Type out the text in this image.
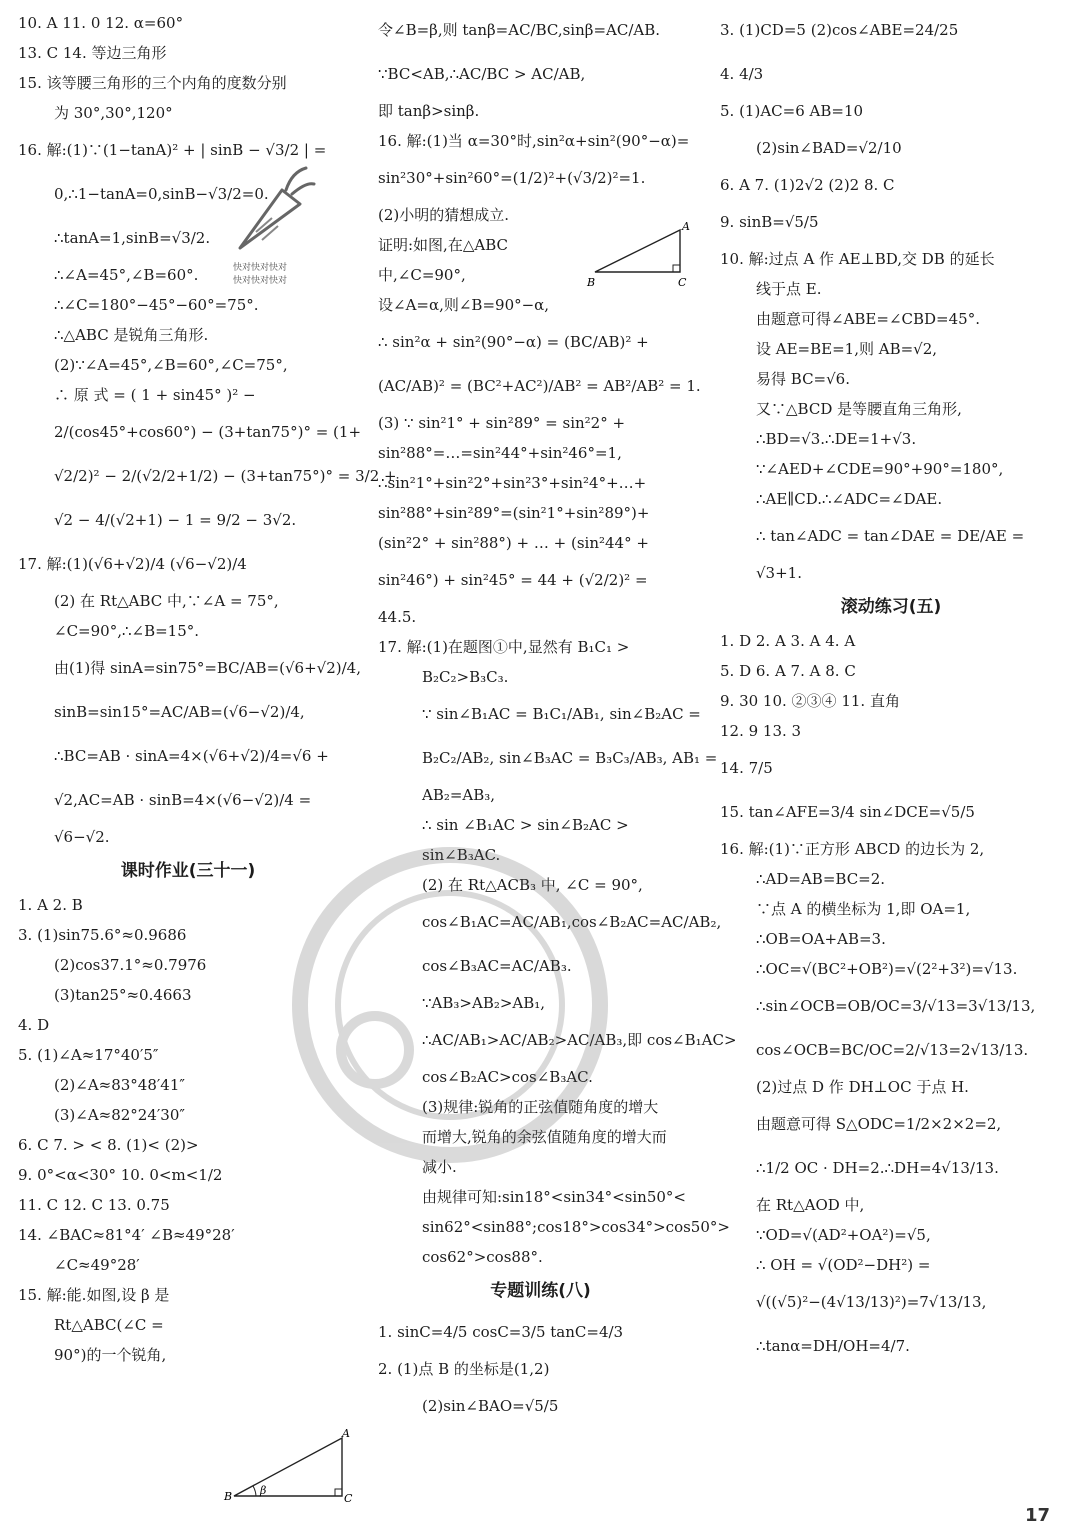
10. A 11. 0 12. α=60°
13. C 14. 等边三角形
15. 该等腰三角形的三个内角的度数分别
为 30°,30°,120°
16. 解:(1)∵(1−tanA)² + | sinB − √3/2 | =
0,∴1−tanA=0,sinB−√3/2=0.
∴tanA=1,sinB=√3/2.
∴∠A=45°,∠B=60°.
∴∠C=180°−45°−60°=75°.
∴△ABC 是锐角三角形.
(2)∵∠A=45°,∠B=60°,∠C=75°,
∴ 原 式 = ( 1 + sin45° )² −
2/(cos45°+cos60°) − (3+tan75°)° = (1+
√2/2)² − 2/(√2/2+1/2) − (3+tan75°)° = 3/2 +
√2 − 4/(√2+1) − 1 = 9/2 − 3√2.
17. 解:(1)(√6+√2)/4 (√6−√2)/4
(2) 在 Rt△ABC 中,∵∠A = 75°,
∠C=90°,∴∠B=15°.
由(1)得 sinA=sin75°=BC/AB=(√6+√2)/4,
sinB=sin15°=AC/AB=(√6−√2)/4,
∴BC=AB · sinA=4×(√6+√2)/4=√6 +
√2,AC=AB · sinB=4×(√6−√2)/4 =
√6−√2.
课时作业(三十一)
1. A 2. B
3. (1)sin75.6°≈0.9686
(2)cos37.1°≈0.7976
(3)tan25°≈0.4663
4. D
5. (1)∠A≈17°40′5″
(2)∠A≈83°48′41″
(3)∠A≈82°24′30″
6. C 7. > < 8. (1)< (2)>
9. 0°<α<30° 10. 0<m<1/2
11. C 12. C 13. 0.75
14. ∠BAC≈81°4′ ∠B≈49°28′
∠C≈49°28′
15. 解:能.如图,设 β 是
Rt△ABC(∠C =
90°)的一个锐角,
令∠B=β,则 tanβ=AC/BC,sinβ=AC/AB.
∵BC<AB,∴AC/BC > AC/AB,
即 tanβ>sinβ.
16. 解:(1)当 α=30°时,sin²α+sin²(90°−α)=
sin²30°+sin²60°=(1/2)²+(√3/2)²=1.
(2)小明的猜想成立.
证明:如图,在△ABC
中,∠C=90°,
设∠A=α,则∠B=90°−α,
∴ sin²α + sin²(90°−α) = (BC/AB)² +
(AC/AB)² = (BC²+AC²)/AB² = AB²/AB² = 1.
(3) ∵ sin²1° + sin²89° = sin²2° +
sin²88°=…=sin²44°+sin²46°=1,
∴sin²1°+sin²2°+sin²3°+sin²4°+…+
sin²88°+sin²89°=(sin²1°+sin²89°)+
(sin²2° + sin²88°) + … + (sin²44° +
sin²46°) + sin²45° = 44 + (√2/2)² =
44.5.
17. 解:(1)在题图①中,显然有 B₁C₁ >
B₂C₂>B₃C₃.
∵ sin∠B₁AC = B₁C₁/AB₁, sin∠B₂AC =
B₂C₂/AB₂, sin∠B₃AC = B₃C₃/AB₃, AB₁ =
AB₂=AB₃,
∴ sin ∠B₁AC > sin∠B₂AC >
sin∠B₃AC.
(2) 在 Rt△ACB₃ 中, ∠C = 90°,
cos∠B₁AC=AC/AB₁,cos∠B₂AC=AC/AB₂,
cos∠B₃AC=AC/AB₃.
∵AB₃>AB₂>AB₁,
∴AC/AB₁>AC/AB₂>AC/AB₃,即 cos∠B₁AC>
cos∠B₂AC>cos∠B₃AC.
(3)规律:锐角的正弦值随角度的增大
而增大,锐角的余弦值随角度的增大而
减小.
由规律可知:sin18°<sin34°<sin50°<
sin62°<sin88°;cos18°>cos34°>cos50°>
cos62°>cos88°.
专题训练(八)
1. sinC=4/5 cosC=3/5 tanC=4/3
2. (1)点 B 的坐标是(1,2)
(2)sin∠BAO=√5/5
3. (1)CD=5 (2)cos∠ABE=24/25
4. 4/3
5. (1)AC=6 AB=10
(2)sin∠BAD=√2/10
6. A 7. (1)2√2 (2)2 8. C
9. sinB=√5/5
10. 解:过点 A 作 AE⊥BD,交 DB 的延长
线于点 E.
由题意可得∠ABE=∠CBD=45°.
设 AE=BE=1,则 AB=√2,
易得 BC=√6.
又∵△BCD 是等腰直角三角形,
∴BD=√3.∴DE=1+√3.
∵∠AED+∠CDE=90°+90°=180°,
∴AE∥CD.∴∠ADC=∠DAE.
∴ tan∠ADC = tan∠DAE = DE/AE =
√3+1.
滚动练习(五)
1. D 2. A 3. A 4. A
5. D 6. A 7. A 8. C
9. 30 10. ②③④ 11. 直角
12. 9 13. 3
14. 7/5
15. tan∠AFE=3/4 sin∠DCE=√5/5
16. 解:(1)∵正方形 ABCD 的边长为 2,
∴AD=AB=BC=2.
∵点 A 的横坐标为 1,即 OA=1,
∴OB=OA+AB=3.
∴OC=√(BC²+OB²)=√(2²+3²)=√13.
∴sin∠OCB=OB/OC=3/√13=3√13/13,
cos∠OCB=BC/OC=2/√13=2√13/13.
(2)过点 D 作 DH⊥OC 于点 H.
由题意可得 S△ODC=1/2×2×2=2,
∴1/2 OC · DH=2.∴DH=4√13/13.
在 Rt△AOD 中,
∵OD=√(AD²+OA²)=√5,
∴ OH = √(OD²−DH²) =
√((√5)²−(4√13/13)²)=7√13/13,
∴tanα=DH/OH=4/7.
A
B	C
A
B	β
C
快对快对快对
快对快对快对
17
